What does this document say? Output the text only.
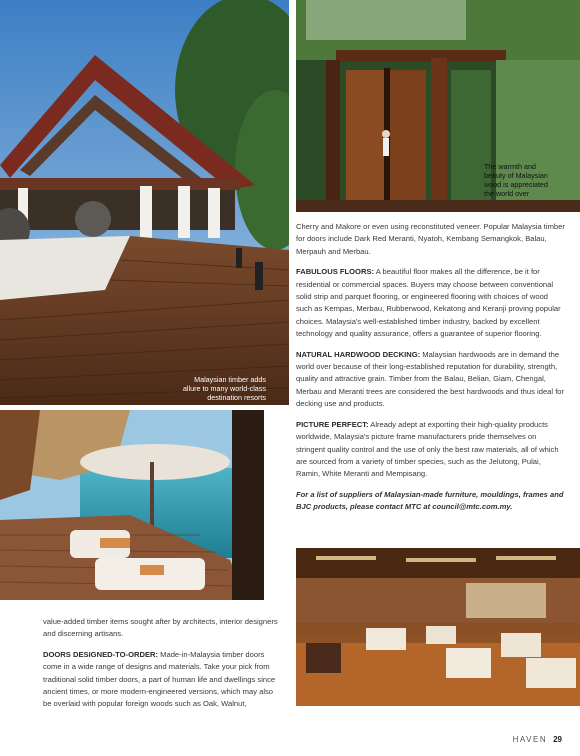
Malaysian timber adds allure to many world-class destination resorts
The warmth and beauty of Malaysian wood is appreciated the world over

value-added timber items sought after by architects, interior designers and discerning artisans.

DOORS DESIGNED-TO-ORDER: Made-in-Malaysia timber doors come in a wide range of designs and materials. Take your pick from traditional solid timber doors, a part of human life and dwellings since ancient times, or more modern-engineered versions, which may also be overlaid with popular foreign woods such as Oak, Walnut,

Cherry and Makore or even using reconstituted veneer. Popular Malaysia timber for doors include Dark Red Meranti, Nyatoh, Kembang Semangkok, Balau, Merpauh and Merbau.

FABULOUS FLOORS: A beautiful floor makes all the difference, be it for residential or commercial spaces. Buyers may choose between conventional solid strip and parquet flooring, or engineered flooring with choices of wood such as Kempas, Merbau, Rubberwood, Kekatong and Keranji proving popular choices. Malaysia's well-established timber industry, backed by excellent technology and quality assurance, offers a guarantee of superior flooring.

NATURAL HARDWOOD DECKING: Malaysian hardwoods are in demand the world over because of their long-established reputation for durability, strength, quality and attractive grain. Timber from the Balau, Belian, Giam, Chengal, Merbau and Meranti trees are considered the best hardwoods and thus ideal for decking use and products.

PICTURE PERFECT: Already adept at exporting their high-quality products worldwide, Malaysia's picture frame manufacturers pride themselves on stringent quality control and the use of only the best raw materials, all of which are sourced from a variety of timber species, such as the Jelutong, Pulai, Ramin, White Meranti and Mempisang.

For a list of suppliers of Malaysian-made furniture, mouldings, frames and BJC products, please contact MTC at council@mtc.com.my.

HAVEN 29
